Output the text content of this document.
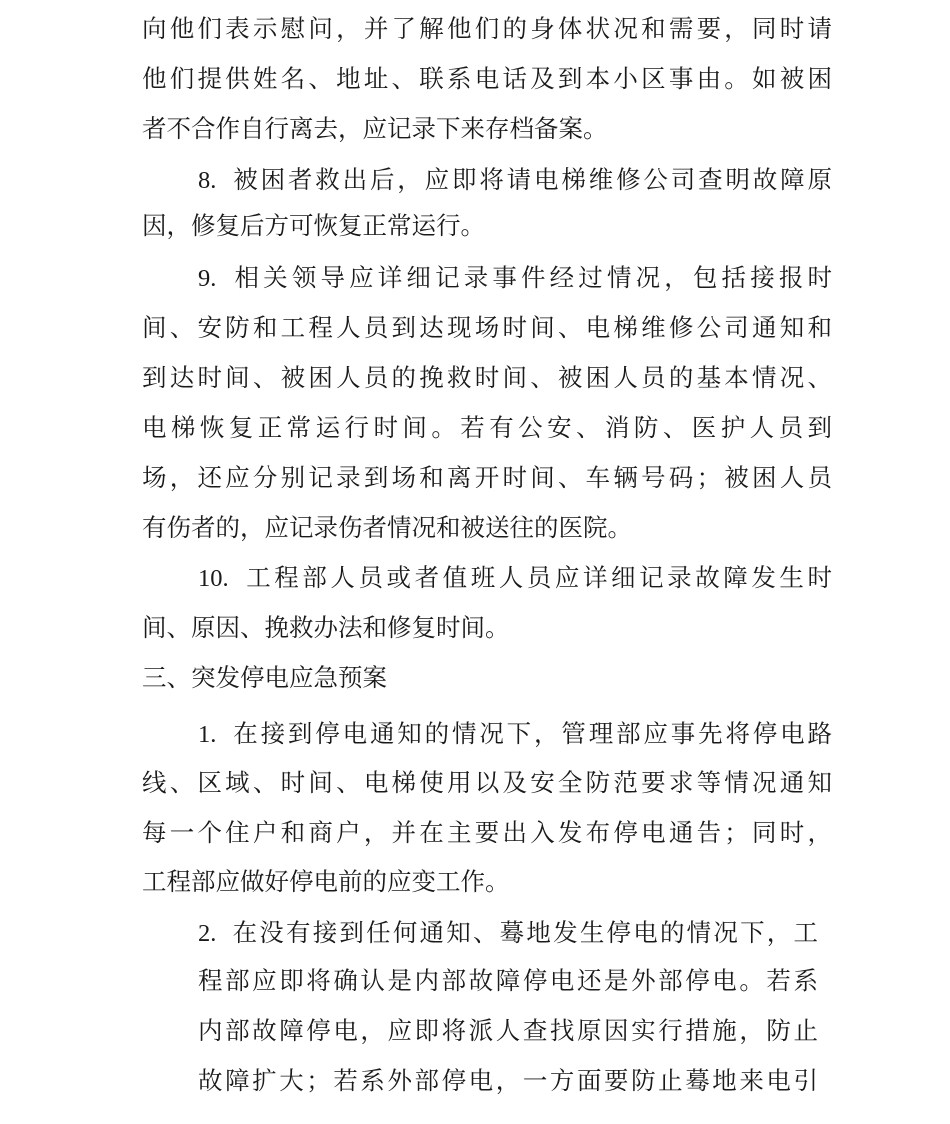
向他们表示慰问，并了解他们的身体状况和需要，同时请
他们提供姓名、地址、联系电话及到本小区事由。如被困
者不合作自行离去，应记录下来存档备案。
8. 被困者救出后，应即将请电梯维修公司查明故障原
因，修复后方可恢复正常运行。
9. 相关领导应详细记录事件经过情况，包括接报时
间、安防和工程人员到达现场时间、电梯维修公司通知和
到达时间、被困人员的挽救时间、被困人员的基本情况、
电梯恢复正常运行时间。若有公安、消防、医护人员到
场，还应分别记录到场和离开时间、车辆号码；被困人员
有伤者的，应记录伤者情况和被送往的医院。
10. 工程部人员或者值班人员应详细记录故障发生时
间、原因、挽救办法和修复时间。
三、突发停电应急预案
1. 在接到停电通知的情况下，管理部应事先将停电路
线、区域、时间、电梯使用以及安全防范要求等情况通知
每一个住户和商户，并在主要出入发布停电通告；同时，
工程部应做好停电前的应变工作。
2. 在没有接到任何通知、蓦地发生停电的情况下，工
程部应即将确认是内部故障停电还是外部停电。若系
内部故障停电，应即将派人查找原因实行措施，防止
故障扩大；若系外部停电，一方面要防止蓦地来电引
